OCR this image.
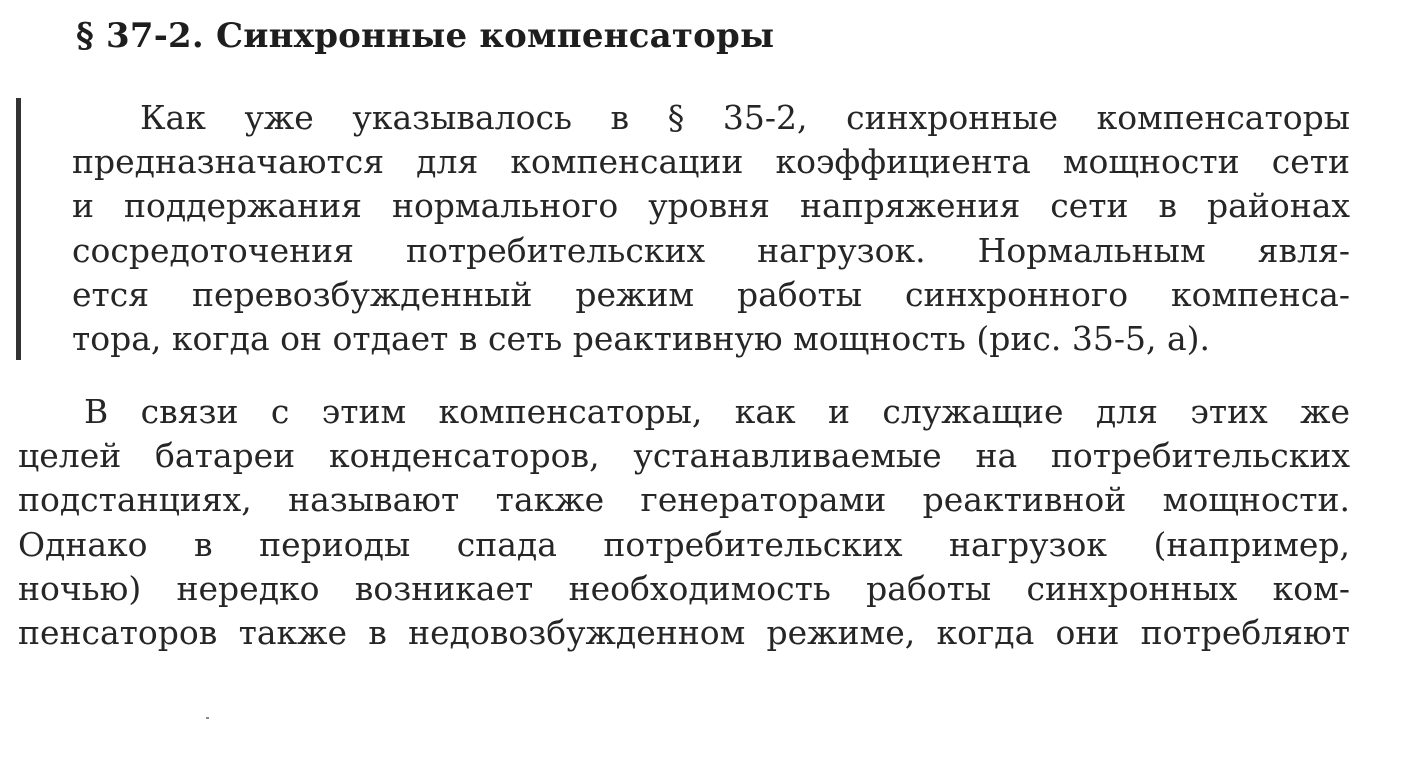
§ 37-2. Синхронные компенсаторы
Как уже указывалось в § 35-2, синхронные компенсаторы
предназначаются для компенсации коэффициента мощности сети
и поддержания нормального уровня напряжения сети в районах
сосредоточения потребительских нагрузок. Нормальным явля-
ется перевозбужденный режим работы синхронного компенса-
тора, когда он отдает в сеть реактивную мощность (рис. 35-5, а).
В связи с этим компенсаторы, как и служащие для этих же
целей батареи конденсаторов, устанавливаемые на потребительских
подстанциях, называют также генераторами реактивной мощности.
Однако в периоды спада потребительских нагрузок (например,
ночью) нередко возникает необходимость работы синхронных ком-
пенсаторов также в недовозбужденном режиме, когда они потребляют
